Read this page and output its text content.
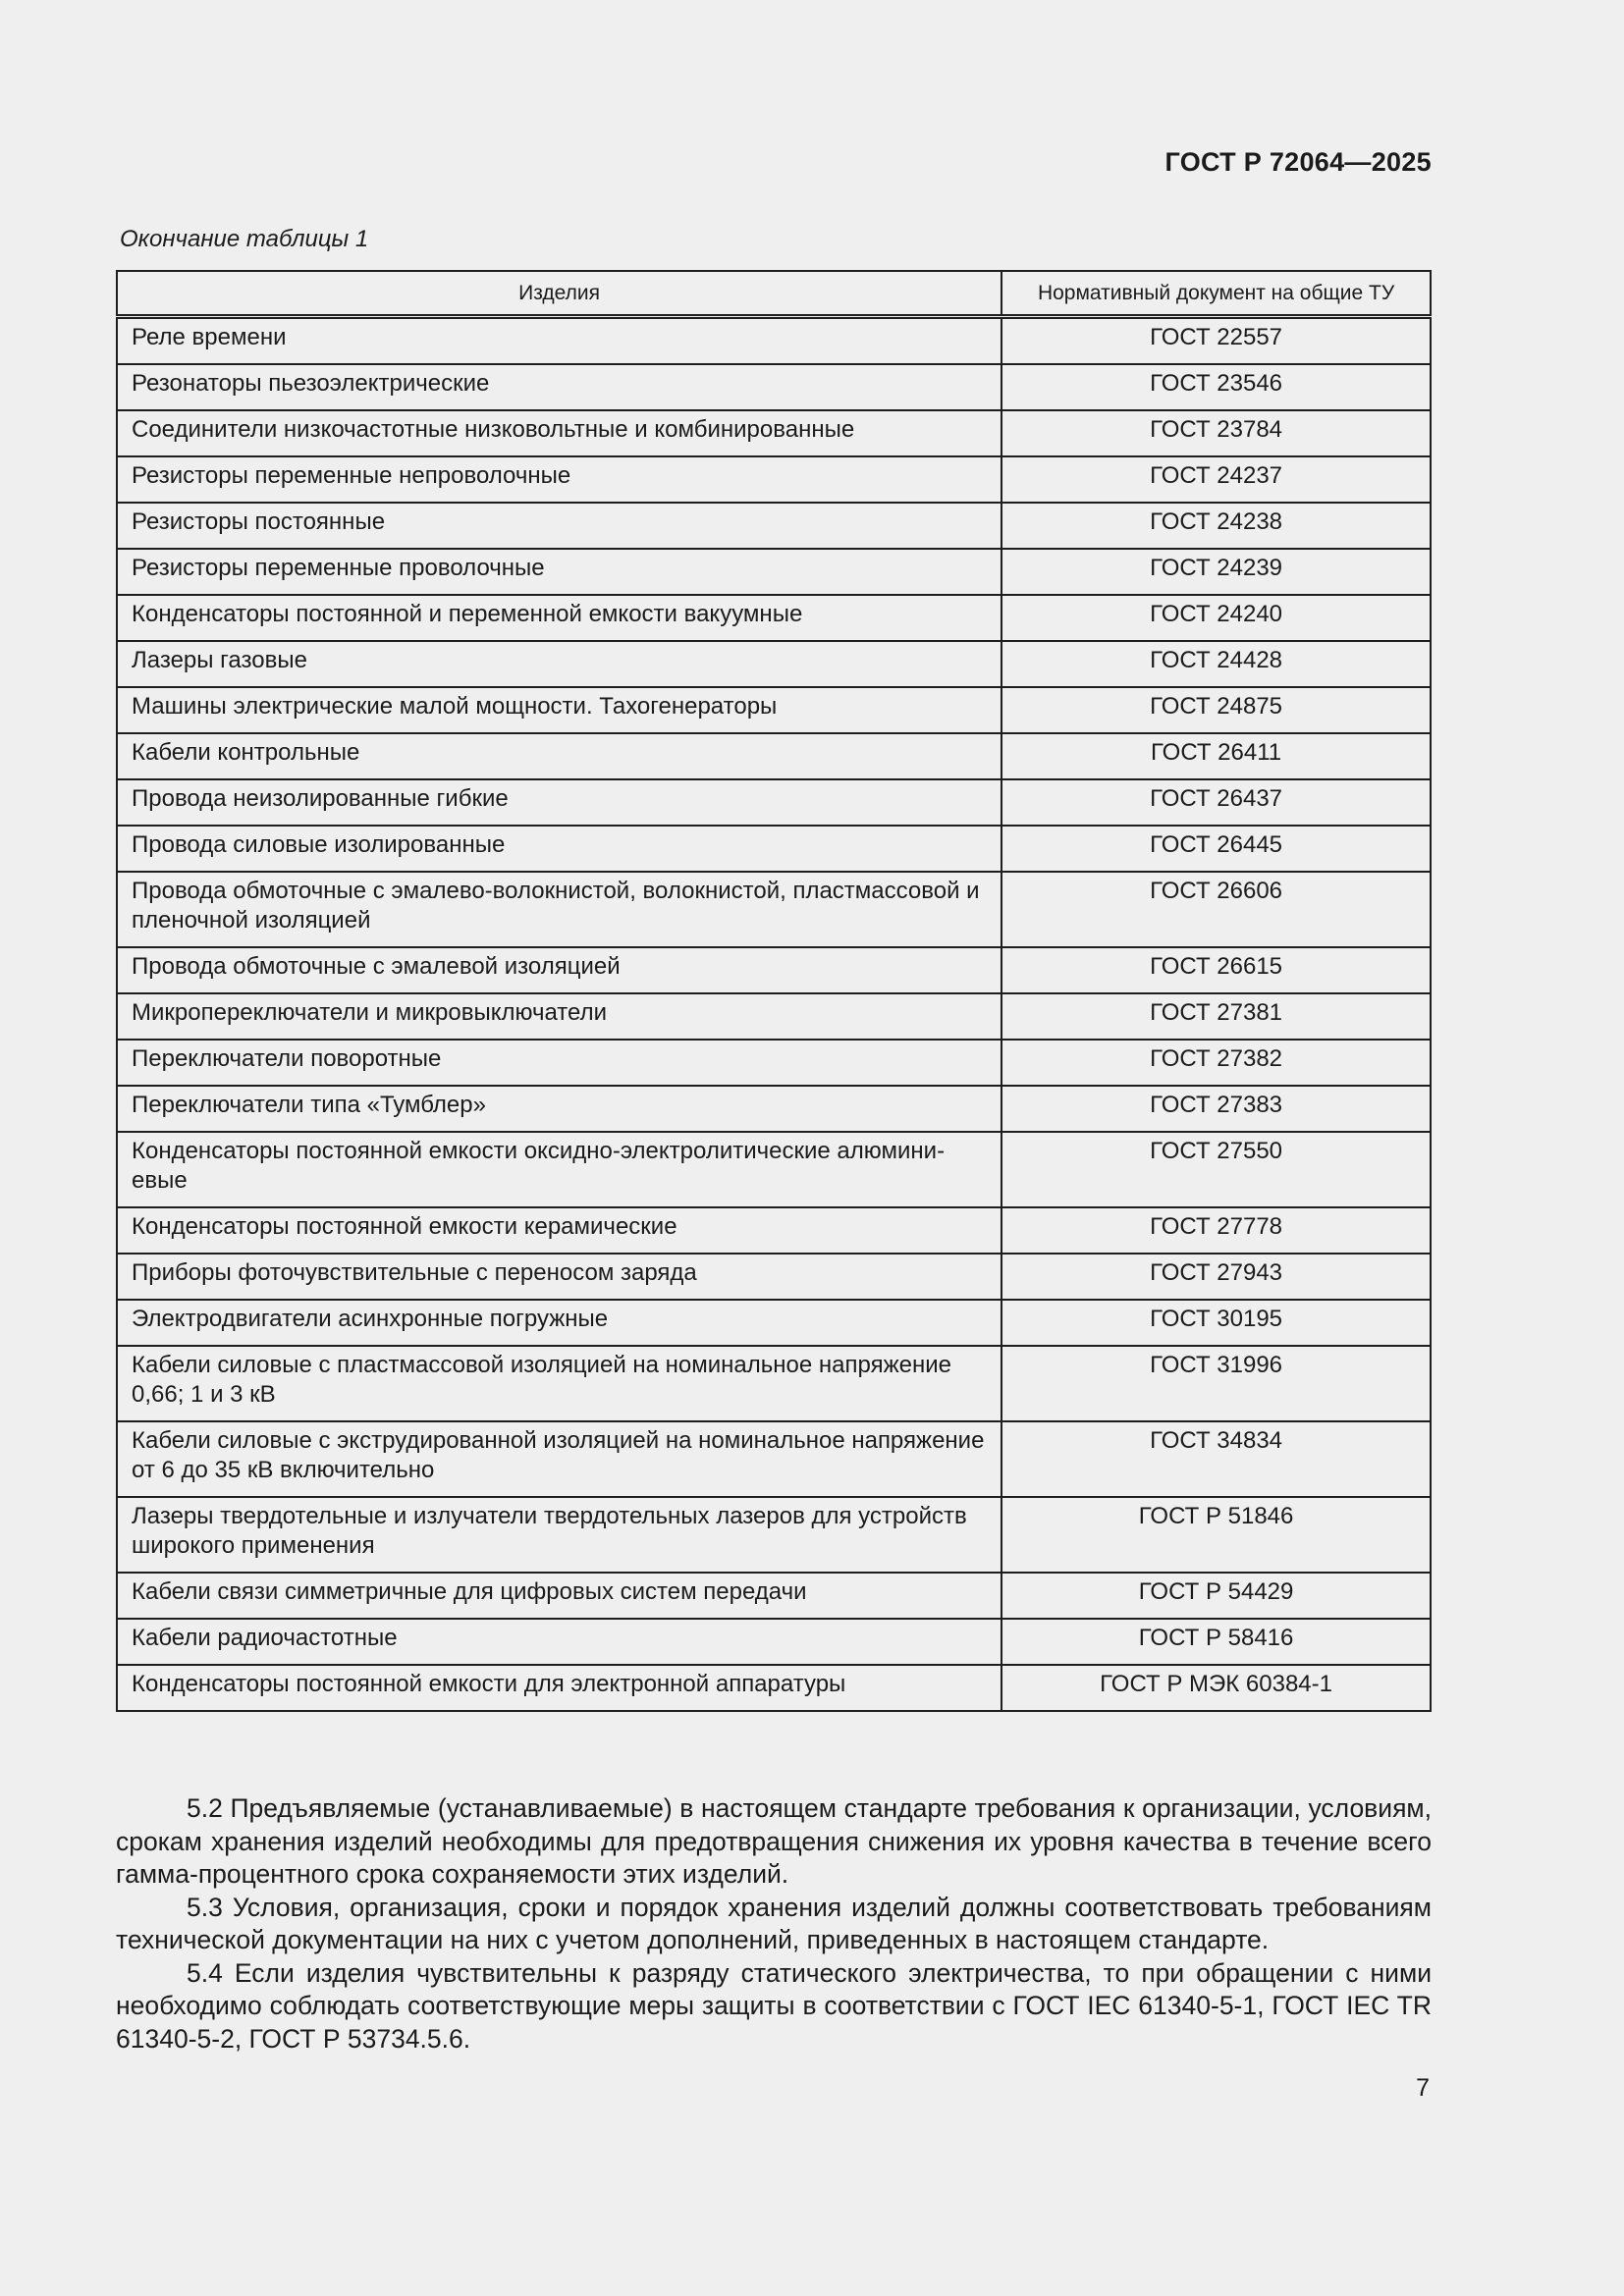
ГОСТ Р 72064—2025
Окончание таблицы 1
Изделия	Нормативный документ на общие ТУ
Реле времени	ГОСТ 22557
Резонаторы пьезоэлектрические	ГОСТ 23546
Соединители низкочастотные низковольтные и комбинированные	ГОСТ 23784
Резисторы переменные непроволочные	ГОСТ 24237
Резисторы постоянные	ГОСТ 24238
Резисторы переменные проволочные	ГОСТ 24239
Конденсаторы постоянной и переменной емкости вакуумные	ГОСТ 24240
Лазеры газовые	ГОСТ 24428
Машины электрические малой мощности. Тахогенераторы	ГОСТ 24875
Кабели контрольные	ГОСТ 26411
Провода неизолированные гибкие	ГОСТ 26437
Провода силовые изолированные	ГОСТ 26445
Провода обмоточные с эмалево-волокнистой, волокнистой, пластмассовой и пленочной изоляцией	ГОСТ 26606
Провода обмоточные с эмалевой изоляцией	ГОСТ 26615
Микропереключатели и микровыключатели	ГОСТ 27381
Переключатели поворотные	ГОСТ 27382
Переключатели типа «Тумблер»	ГОСТ 27383
Конденсаторы постоянной емкости оксидно-электролитические алюминиевые	ГОСТ 27550
Конденсаторы постоянной емкости керамические	ГОСТ 27778
Приборы фоточувствительные с переносом заряда	ГОСТ 27943
Электродвигатели асинхронные погружные	ГОСТ 30195
Кабели силовые с пластмассовой изоляцией на номинальное напряжение 0,66; 1 и 3 кВ	ГОСТ 31996
Кабели силовые с экструдированной изоляцией на номинальное напряжение от 6 до 35 кВ включительно	ГОСТ 34834
Лазеры твердотельные и излучатели твердотельных лазеров для устройств широкого применения	ГОСТ Р 51846
Кабели связи симметричные для цифровых систем передачи	ГОСТ Р 54429
Кабели радиочастотные	ГОСТ Р 58416
Конденсаторы постоянной емкости для электронной аппаратуры	ГОСТ Р МЭК 60384-1

5.2 Предъявляемые (устанавливаемые) в настоящем стандарте требования к организации, условиям, срокам хранения изделий необходимы для предотвращения снижения их уровня качества в течение всего гамма-процентного срока сохраняемости этих изделий.

5.3 Условия, организация, сроки и порядок хранения изделий должны соответствовать требованиям технической документации на них с учетом дополнений, приведенных в настоящем стандарте.

5.4 Если изделия чувствительны к разряду статического электричества, то при обращении с ними необходимо соблюдать соответствующие меры защиты в соответствии с ГОСТ IEC 61340-5-1, ГОСТ IEC TR 61340-5-2, ГОСТ Р 53734.5.6.

7
